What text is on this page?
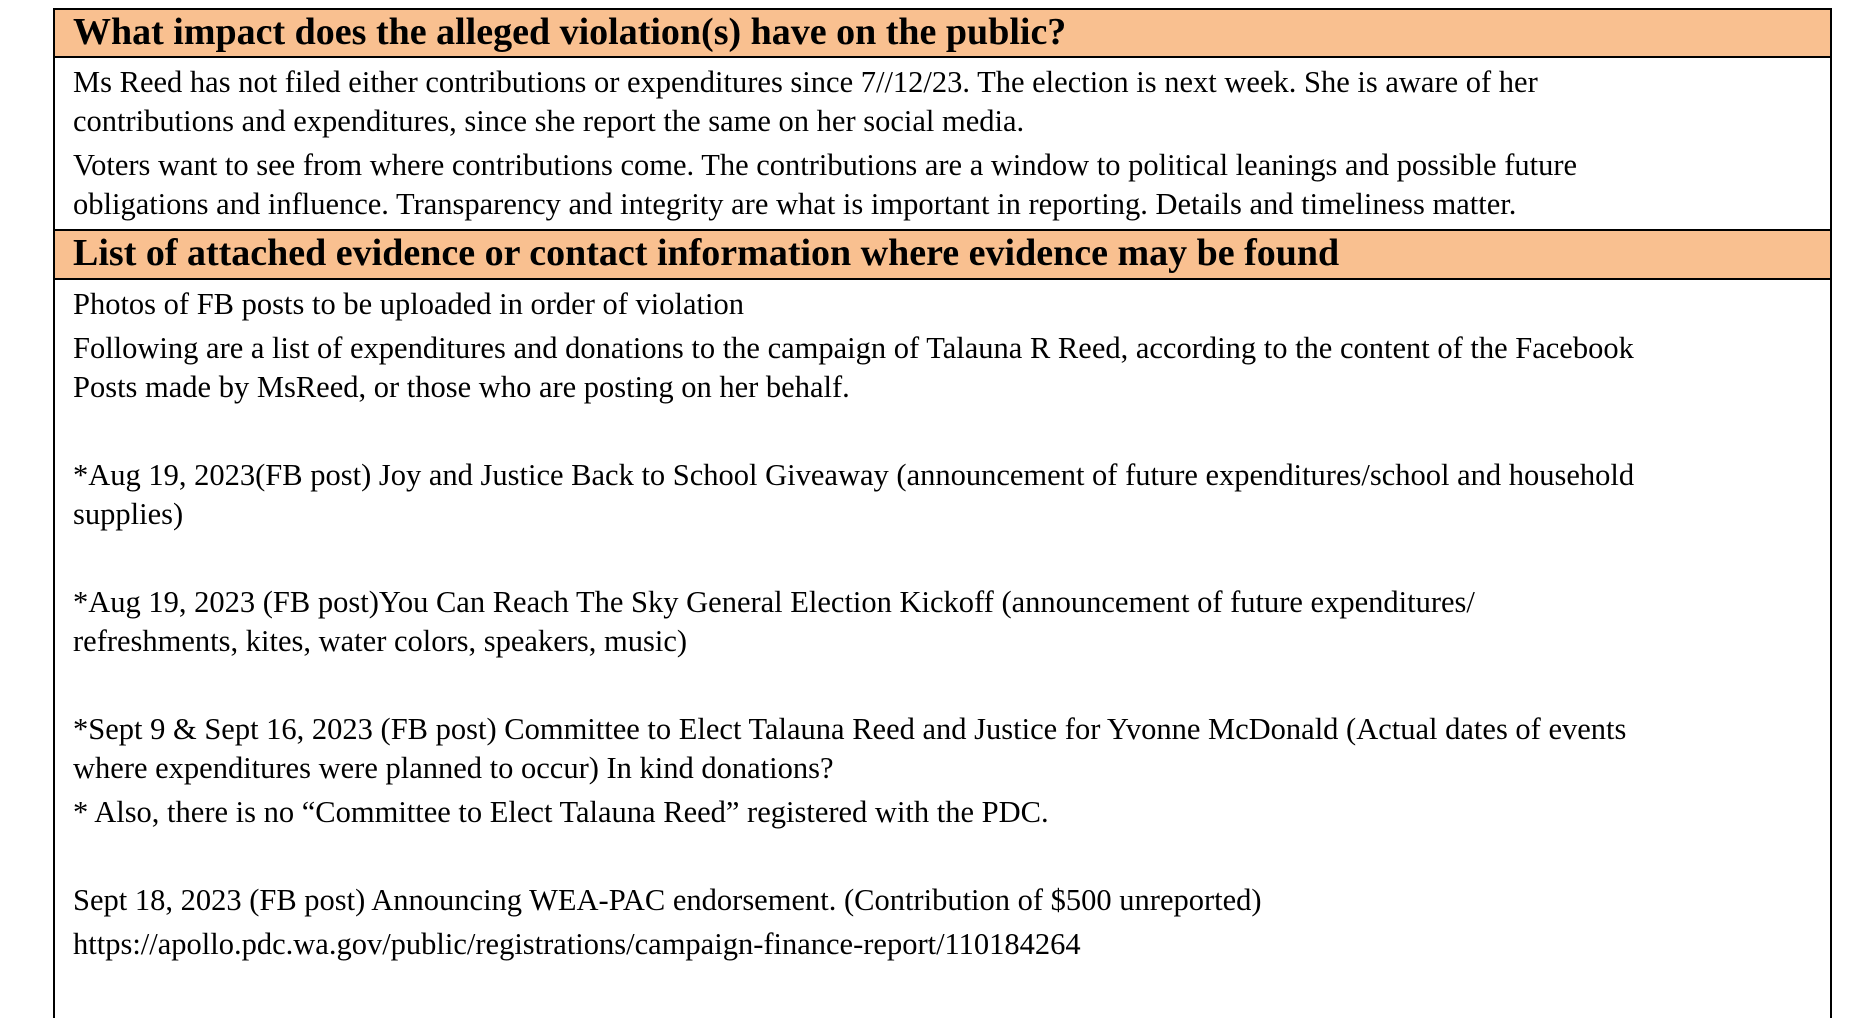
What impact does the alleged violation(s) have on the public?

Ms Reed has not filed either contributions or expenditures since 7//12/23. The election is next week. She is aware of her
contributions and expenditures, since she report the same on her social media.

Voters want to see from where contributions come. The contributions are a window to political leanings and possible future
obligations and influence. Transparency and integrity are what is important in reporting. Details and timeliness matter.

List of attached evidence or contact information where evidence may be found

Photos of FB posts to be uploaded in order of violation

Following are a list of expenditures and donations to the campaign of Talauna R Reed, according to the content of the Facebook
Posts made by MsReed, or those who are posting on her behalf.

*Aug 19, 2023(FB post) Joy and Justice Back to School Giveaway (announcement of future expenditures/school and household
supplies)

*Aug 19, 2023 (FB post)You Can Reach The Sky General Election Kickoff (announcement of future expenditures/
refreshments, kites, water colors, speakers, music)

*Sept 9 & Sept 16, 2023 (FB post) Committee to Elect Talauna Reed and Justice for Yvonne McDonald (Actual dates of events
where expenditures were planned to occur) In kind donations?

* Also, there is no “Committee to Elect Talauna Reed” registered with the PDC.

Sept 18, 2023 (FB post) Announcing WEA-PAC endorsement. (Contribution of $500 unreported)

https://apollo.pdc.wa.gov/public/registrations/campaign-finance-report/110184264
